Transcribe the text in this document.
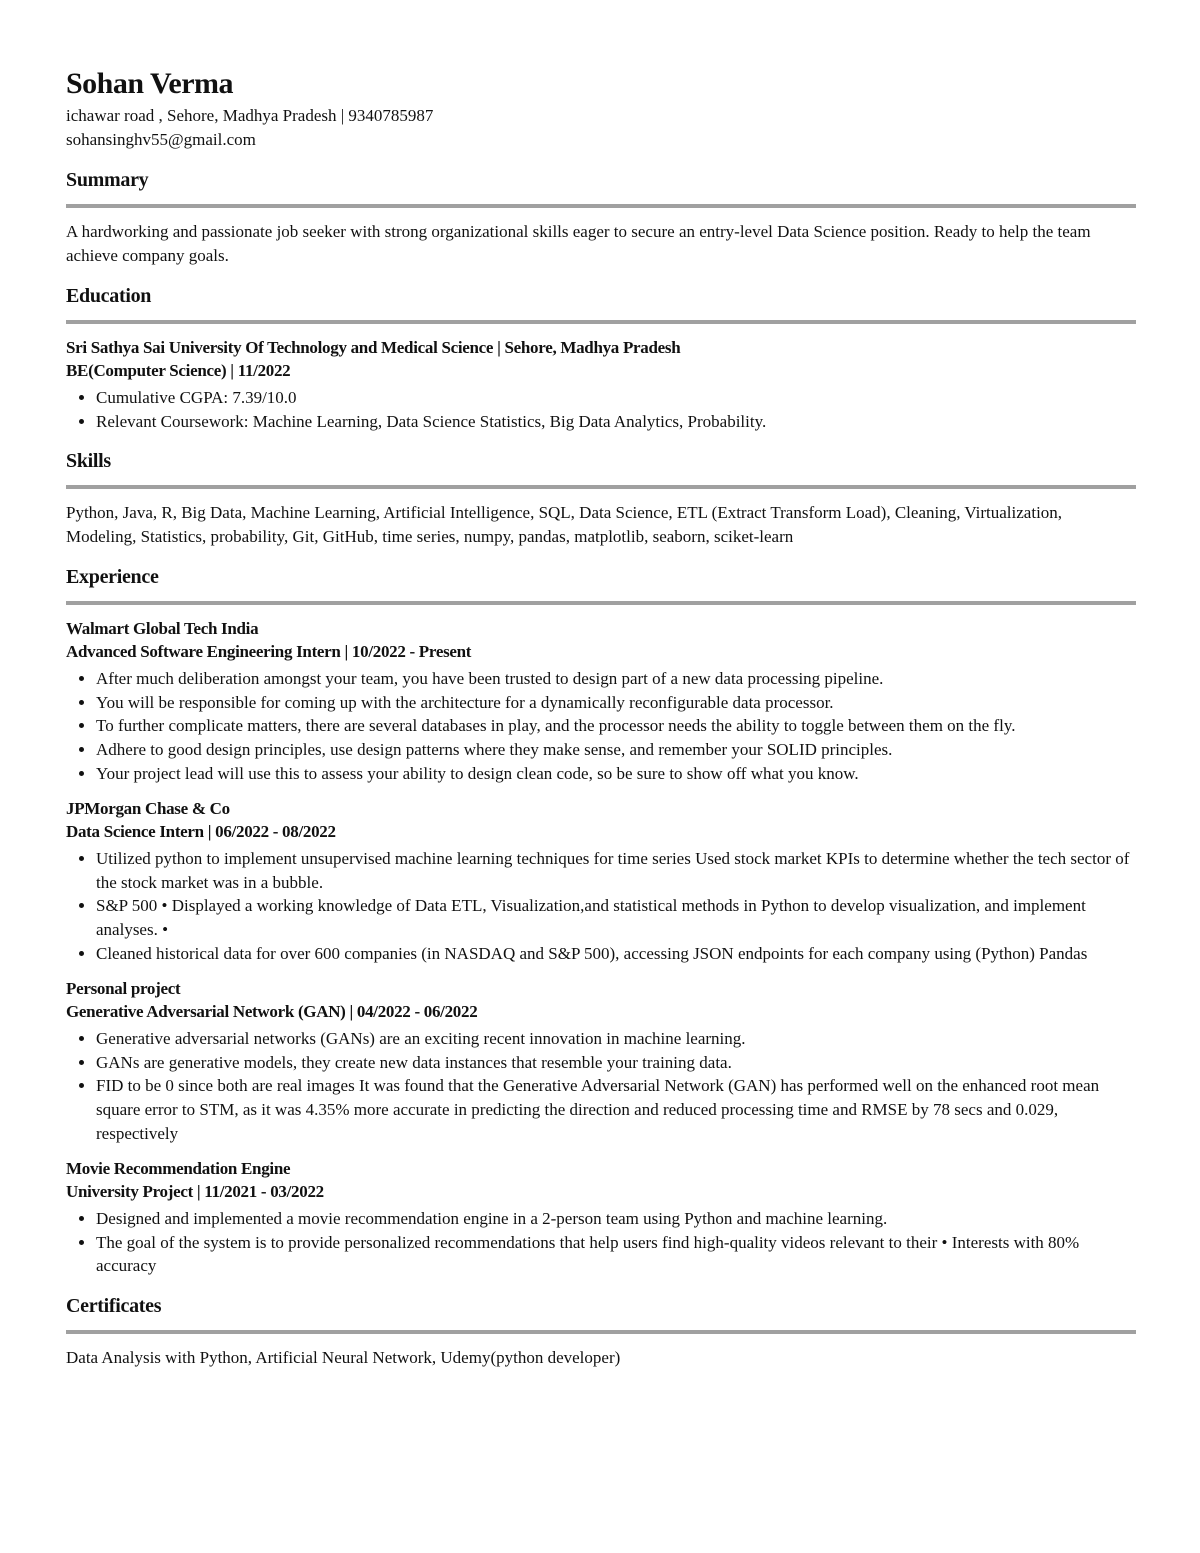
Sohan Verma
ichawar road , Sehore, Madhya Pradesh | 9340785987
sohansinghv55@gmail.com
Summary
A hardworking and passionate job seeker with strong organizational skills eager to secure an entry-level Data Science position. Ready to help the team achieve company goals.
Education
Sri Sathya Sai University Of Technology and Medical Science | Sehore, Madhya Pradesh
BE(Computer Science) | 11/2022
• Cumulative CGPA: 7.39/10.0
• Relevant Coursework: Machine Learning, Data Science Statistics, Big Data Analytics, Probability.
Skills
Python, Java, R, Big Data, Machine Learning, Artificial Intelligence, SQL, Data Science, ETL (Extract Transform Load), Cleaning, Virtualization, Modeling, Statistics, probability, Git, GitHub, time series, numpy, pandas, matplotlib, seaborn, sciket-learn
Experience
Walmart Global Tech India
Advanced Software Engineering Intern | 10/2022 - Present
• After much deliberation amongst your team, you have been trusted to design part of a new data processing pipeline.
• You will be responsible for coming up with the architecture for a dynamically reconfigurable data processor.
• To further complicate matters, there are several databases in play, and the processor needs the ability to toggle between them on the fly.
• Adhere to good design principles, use design patterns where they make sense, and remember your SOLID principles.
• Your project lead will use this to assess your ability to design clean code, so be sure to show off what you know.
JPMorgan Chase & Co
Data Science Intern | 06/2022 - 08/2022
• Utilized python to implement unsupervised machine learning techniques for time series Used stock market KPIs to determine whether the tech sector of the stock market was in a bubble.
• S&P 500 • Displayed a working knowledge of Data ETL, Visualization,and statistical methods in Python to develop visualization, and implement analyses. •
• Cleaned historical data for over 600 companies (in NASDAQ and S&P 500), accessing JSON endpoints for each company using (Python) Pandas
Personal project
Generative Adversarial Network (GAN) | 04/2022 - 06/2022
• Generative adversarial networks (GANs) are an exciting recent innovation in machine learning.
• GANs are generative models, they create new data instances that resemble your training data.
• FID to be 0 since both are real images It was found that the Generative Adversarial Network (GAN) has performed well on the enhanced root mean square error to STM, as it was 4.35% more accurate in predicting the direction and reduced processing time and RMSE by 78 secs and 0.029, respectively
Movie Recommendation Engine
University Project | 11/2021 - 03/2022
• Designed and implemented a movie recommendation engine in a 2-person team using Python and machine learning.
• The goal of the system is to provide personalized recommendations that help users find high-quality videos relevant to their • Interests with 80% accuracy
Certificates
Data Analysis with Python, Artificial Neural Network, Udemy(python developer)
